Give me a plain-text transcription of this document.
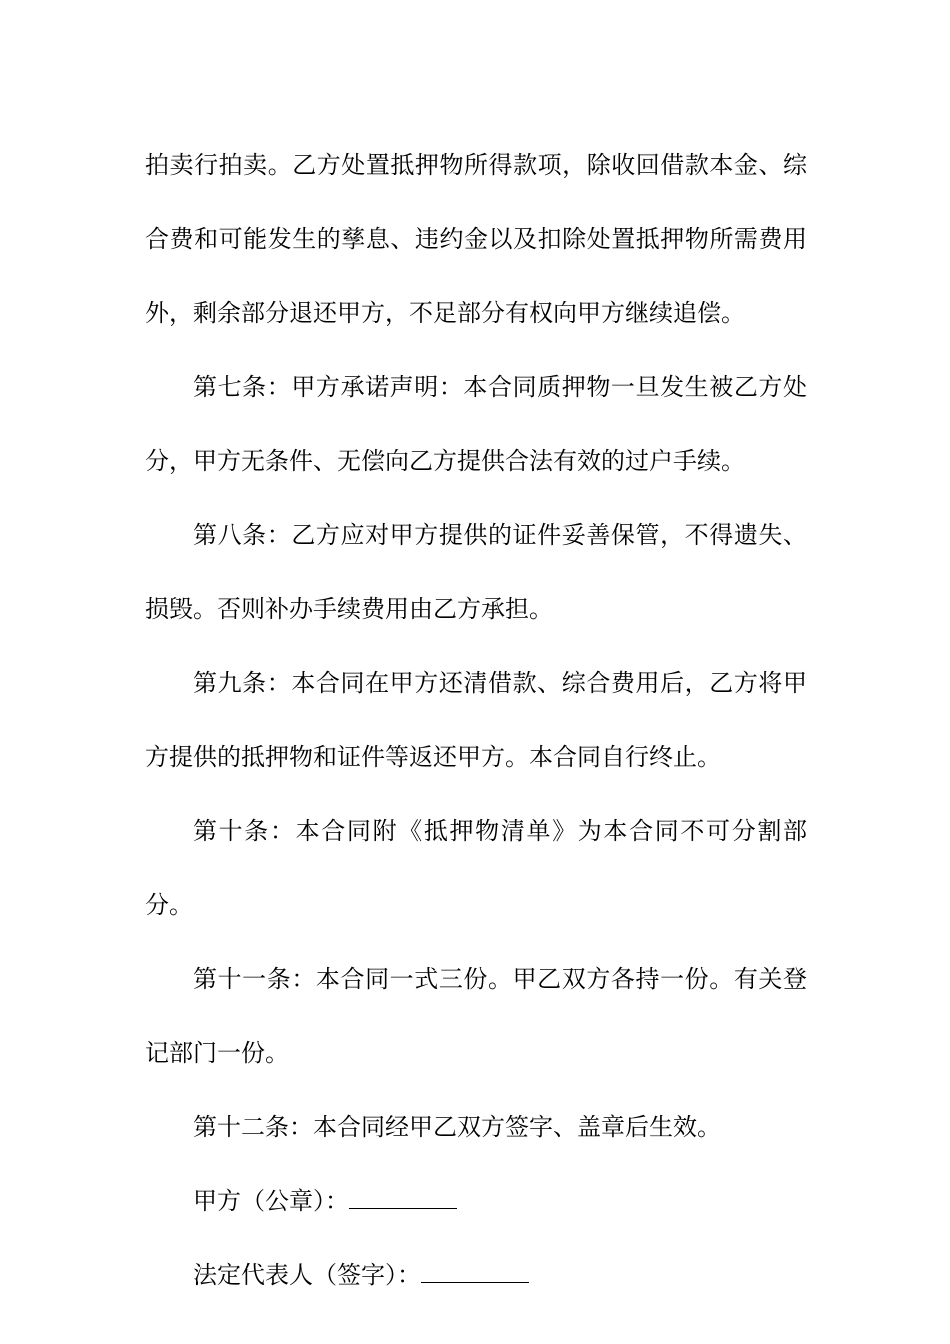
拍卖行拍卖。乙方处置抵押物所得款项，除收回借款本金、综合费和可能发生的孳息、违约金以及扣除处置抵押物所需费用外，剩余部分退还甲方，不足部分有权向甲方继续追偿。

第七条：甲方承诺声明：本合同质押物一旦发生被乙方处分，甲方无条件、无偿向乙方提供合法有效的过户手续。

第八条：乙方应对甲方提供的证件妥善保管，不得遗失、损毁。否则补办手续费用由乙方承担。

第九条：本合同在甲方还清借款、综合费用后，乙方将甲方提供的抵押物和证件等返还甲方。本合同自行终止。

第十条：本合同附《抵押物清单》为本合同不可分割部分。

第十一条：本合同一式三份。甲乙双方各持一份。有关登记部门一份。

第十二条：本合同经甲乙双方签字、盖章后生效。

甲方（公章）：

法定代表人（签字）：
